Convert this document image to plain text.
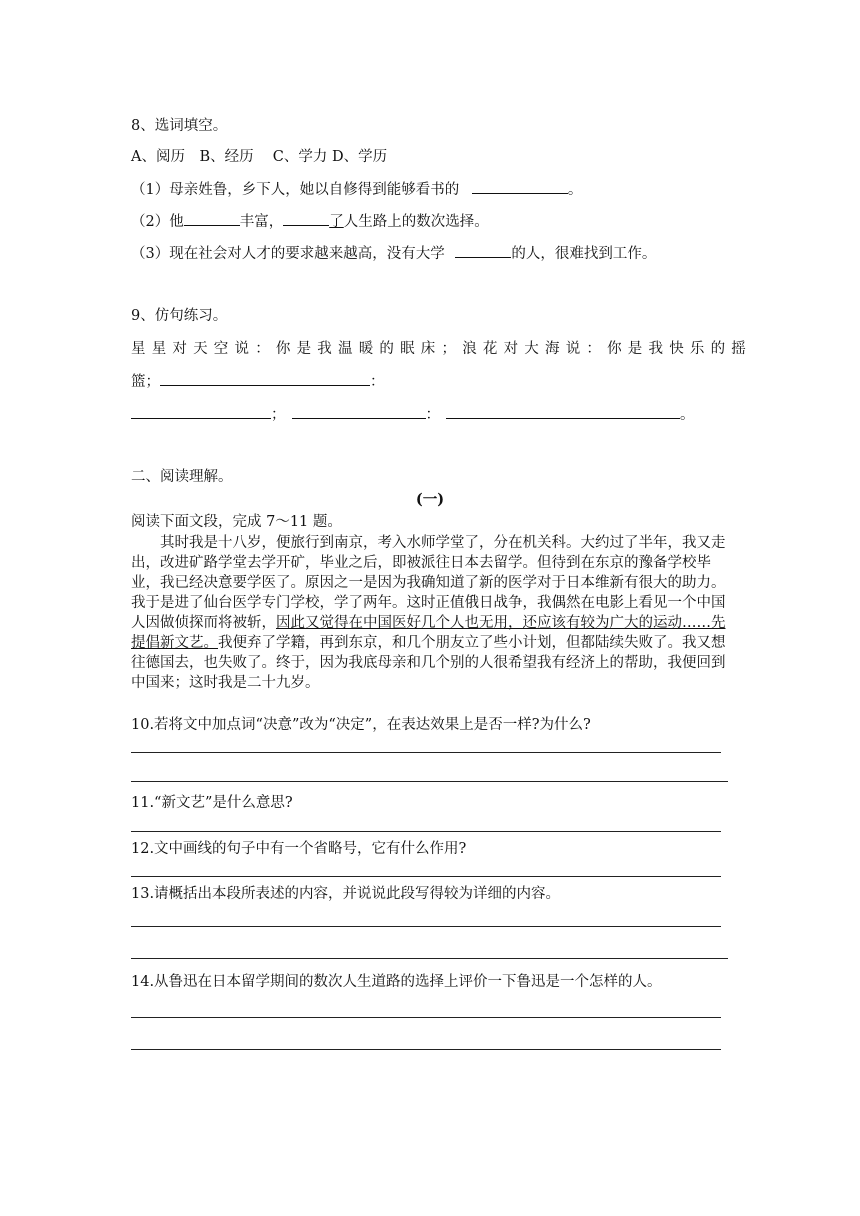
8、选词填空。
A、阅历　B、经历　 C、学力 D、学历
（1）母亲姓鲁，乡下人，她以自修得到能够看书的	。
（2）他	丰富，	了人生路上的数次选择。
（3）现在社会对人才的要求越来越高，没有大学	的人，很难找到工作。
9、仿句练习。
星星对天空说：你是我温暖的眠床；浪花对大海说：你是我快乐的摇
篮；	：
；	：	。
二、阅读理解。
(一)
阅读下面文段，完成 7～11 题。

其时我是十八岁，便旅行到南京，考入水师学堂了，分在机关科。大约过了半年，我又走出，改进矿路学堂去学开矿，毕业之后，即被派往日本去留学。但待到在东京的豫备学校毕业，我已经决意要学医了。原因之一是因为我确知道了新的医学对于日本维新有很大的助力。我于是进了仙台医学专门学校，学了两年。这时正值俄日战争，我偶然在电影上看见一个中国人因做侦探而将被斩，因此又觉得在中国医好几个人也无用，还应该有较为广大的运动……先提倡新文艺。我便弃了学籍，再到东京，和几个朋友立了些小计划，但都陆续失败了。我又想往德国去，也失败了。终于，因为我底母亲和几个别的人很希望我有经济上的帮助，我便回到中国来；这时我是二十九岁。

10.若将文中加点词“决意”改为“决定”，在表达效果上是否一样?为什么?
11.“新文艺”是什么意思?
12.文中画线的句子中有一个省略号，它有什么作用?
13.请概括出本段所表述的内容，并说说此段写得较为详细的内容。
14.从鲁迅在日本留学期间的数次人生道路的选择上评价一下鲁迅是一个怎样的人。
